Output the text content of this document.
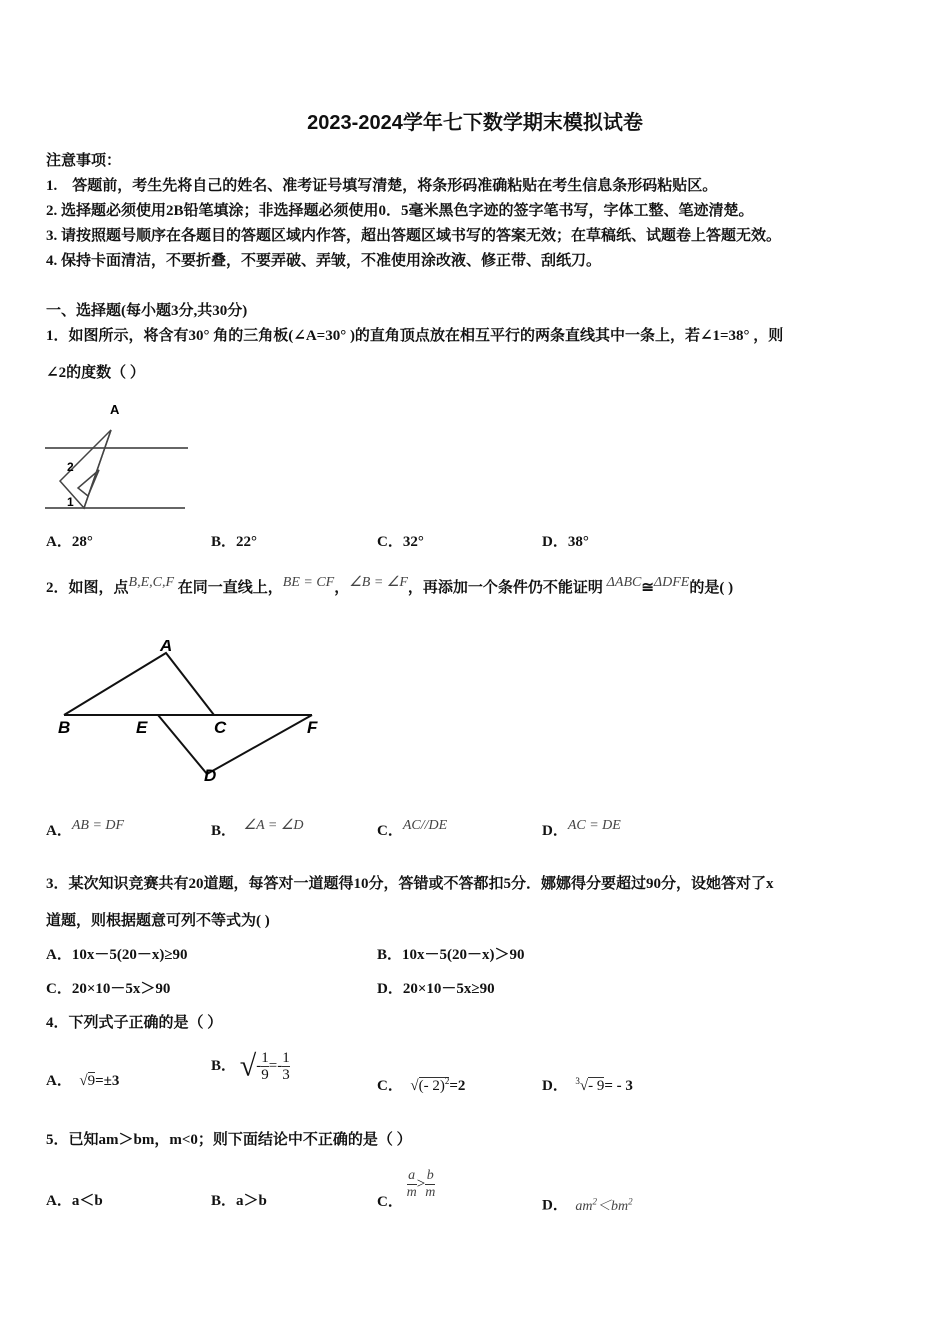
2023-2024学年七下数学期末模拟试卷
注意事项：
1.　答题前，考生先将自己的姓名、准考证号填写清楚，将条形码准确粘贴在考生信息条形码粘贴区。
2. 选择题必须使用2B铅笔填涂；非选择题必须使用0．5毫米黑色字迹的签字笔书写，字体工整、笔迹清楚。
3. 请按照题号顺序在各题目的答题区域内作答，超出答题区域书写的答案无效；在草稿纸、试题卷上答题无效。
4. 保持卡面清洁，不要折叠，不要弄破、弄皱，不准使用涂改液、修正带、刮纸刀。
一、选择题(每小题3分,共30分)
1．如图所示，将含有30° 角的三角板(∠A=30° )的直角顶点放在相互平行的两条直线其中一条上，若∠1=38° ，则
∠2的度数（ ）
A
2
1
A．28°	B．22°	C．32°	D．38°
2．如图，点B,E,C,F 在同一直线上，BE = CF，∠B = ∠F，再添加一个条件仍不能证明 ΔABC≅ΔDFE的是( )
A
B	E	C	F
D
A．AB = DF	B． ∠A = ∠D	C．AC//DE	D．AC = DE
3．某次知识竞赛共有20道题，每答对一道题得10分，答错或不答都扣5分．娜娜得分要超过90分，设她答对了x
道题，则根据题意可列不等式为( )
A．10x－5(20－x)≥90	B．10x－5(20－x)＞90
C．20×10－5x＞90	D．20×10－5x≥90
4．下列式子正确的是（ ）
A． √9=±3
B． √- $\frac{1}{9} =- \frac{1}{3}$
C． √(- 2)$^2$=2	D． $^3$√- 9= - 3
5．已知am＞bm，m<0；则下面结论中不正确的是（ ）
A．a＜b	B．a＞b	C．
$\frac{a}{m} > \frac{b}{m}$
D． $am^2<bm^2$
